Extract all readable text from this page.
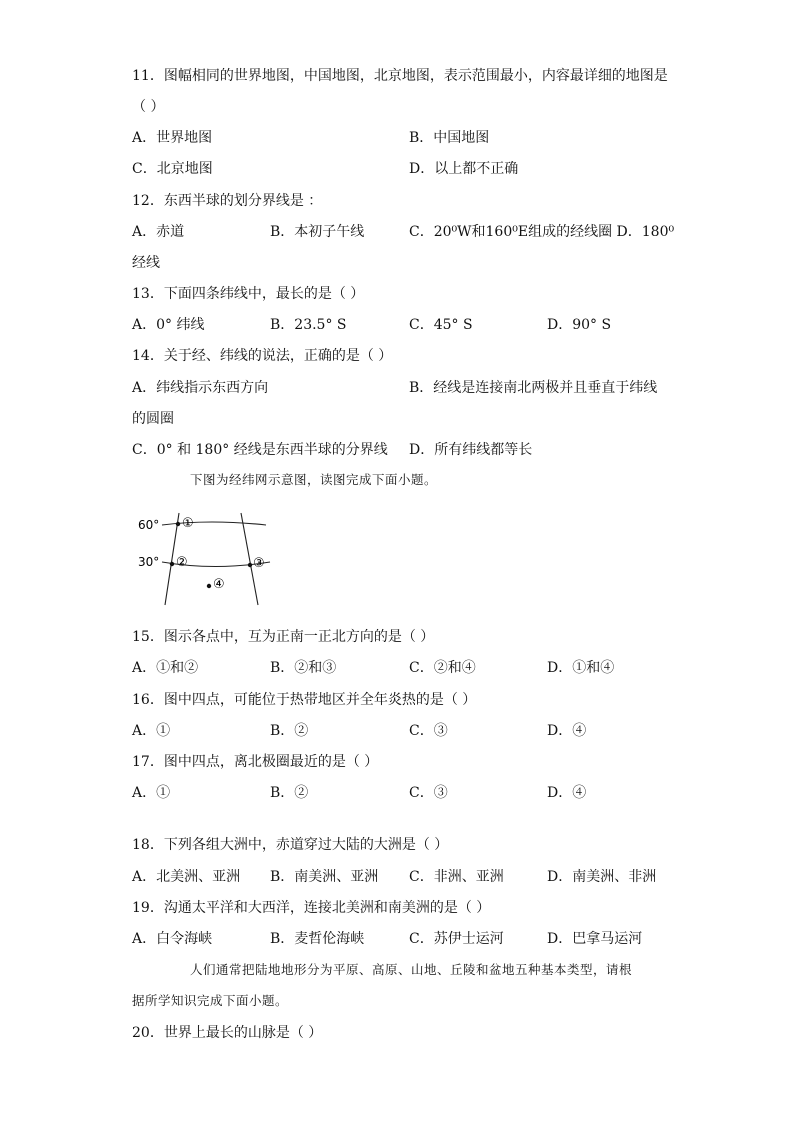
11．图幅相同的世界地图，中国地图，北京地图，表示范围最小，内容最详细的地图是
（ ）
A．世界地图	B．中国地图
C．北京地图	D．以上都不正确
12．东西半球的划分界线是 ：
A．赤道	B．本初子午线	C．20⁰W和160⁰E组成的经线圈 D．180⁰
经线
13．下面四条纬线中，最长的是（ ）
A．0° 纬线	B．23.5° S	C．45° S	D．90° S
14．关于经、纬线的说法，正确的是（ ）
A．纬线指示东西方向	B．经线是连接南北两极并且垂直于纬线
的圆圈
C．0° 和 180° 经线是东西半球的分界线 D．所有纬线都等长
下图为经纬网示意图，读图完成下面小题。
60°
30°
①
②	③
④
15．图示各点中，互为正南一正北方向的是（ ）
A．①和②	B．②和③	C．②和④	D．①和④
16．图中四点，可能位于热带地区并全年炎热的是（ ）
A．①	B．②	C．③	D．④
17．图中四点，离北极圈最近的是（ ）
A．①	B．②	C．③	D．④
18．下列各组大洲中，赤道穿过大陆的大洲是（ ）
A．北美洲、亚洲 B．南美洲、亚洲 C．非洲、亚洲	D．南美洲、非洲
19．沟通太平洋和大西洋，连接北美洲和南美洲的是（ ）
A．白令海峡	B．麦哲伦海峡	C．苏伊士运河	D．巴拿马运河
人们通常把陆地地形分为平原、高原、山地、丘陵和盆地五种基本类型，请根
据所学知识完成下面小题。
20．世界上最长的山脉是（ ）
